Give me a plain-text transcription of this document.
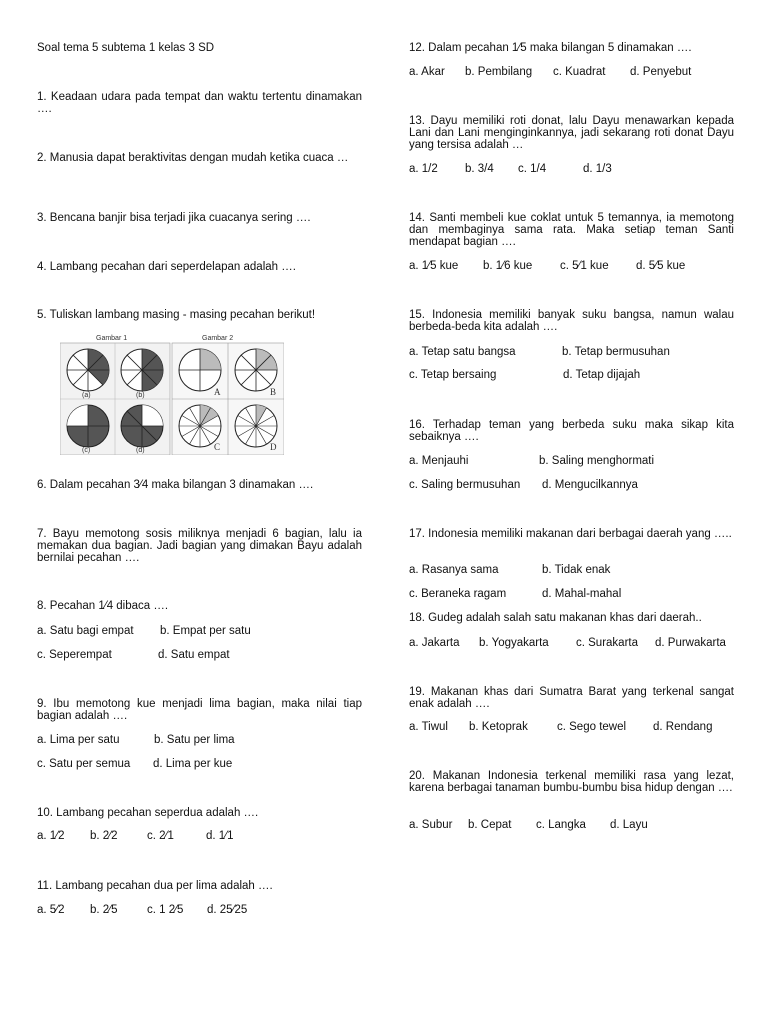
Soal tema 5 subtema 1 kelas 3 SD
1. Keadaan udara pada tempat dan waktu tertentu dinamakan ….
2. Manusia dapat beraktivitas dengan mudah ketika cuaca …
3. Bencana banjir bisa terjadi jika cuacanya sering ….
4. Lambang pecahan dari seperdelapan adalah ….
5. Tuliskan lambang masing - masing pecahan berikut!
Gambar 1	Gambar 2
(a)	(b)
(c)	(d)
A	B
C	D
6. Dalam pecahan 3⁄4 maka bilangan 3 dinamakan ….
7. Bayu memotong sosis miliknya menjadi 6 bagian, lalu ia memakan dua bagian. Jadi bagian yang dimakan Bayu adalah bernilai pecahan ….
8. Pecahan 1⁄4 dibaca ….
a. Satu bagi empat b. Empat per satu
c. Seperempat	d. Satu empat
9. Ibu memotong kue menjadi lima bagian, maka nilai tiap bagian adalah ….
a. Lima per satu	b. Satu per lima
c. Satu per semua d. Lima per kue
10. Lambang pecahan seperdua adalah ….
a. 1⁄2 b. 2⁄2	c. 2⁄1	d. 1⁄1
11. Lambang pecahan dua per lima adalah ….
a. 5⁄2 b. 2⁄5	c. 1 2⁄5 d. 25⁄25
12. Dalam pecahan 1⁄5 maka bilangan 5 dinamakan ….
a. Akar b. Pembilang c. Kuadrat d. Penyebut
13. Dayu memiliki roti donat, lalu Dayu menawarkan kepada Lani dan Lani menginginkannya, jadi sekarang roti donat Dayu yang tersisa adalah …
a. 1/2 b. 3/4 c. 1/4	d. 1/3
14. Santi membeli kue coklat untuk 5 temannya, ia memotong dan membaginya sama rata. Maka setiap teman Santi mendapat bagian ….
a. 1⁄5 kue b. 1⁄6 kue c. 5⁄1 kue d. 5⁄5 kue
15. Indonesia memiliki banyak suku bangsa, namun walau berbeda-beda kita adalah ….
a. Tetap satu bangsa	b. Tetap bermusuhan
c. Tetap bersaing	d. Tetap dijajah
16. Terhadap teman yang berbeda suku maka sikap kita sebaiknya ….
a. Menjauhi	b. Saling menghormati
c. Saling bermusuhan d. Mengucilkannya
17. Indonesia memiliki makanan dari berbagai daerah yang …..
a. Rasanya sama	b. Tidak enak
c. Beraneka ragam	d. Mahal-mahal
18. Gudeg adalah salah satu makanan khas dari daerah..
a. Jakarta b. Yogyakarta c. Surakarta d. Purwakarta
19. Makanan khas dari Sumatra Barat yang terkenal sangat enak adalah ….
a. Tiwul b. Ketoprak	c. Sego tewel d. Rendang
20. Makanan Indonesia terkenal memiliki rasa yang lezat, karena berbagai tanaman bumbu-bumbu bisa hidup dengan ….
a. Subur b. Cepat c. Langka d. Layu
